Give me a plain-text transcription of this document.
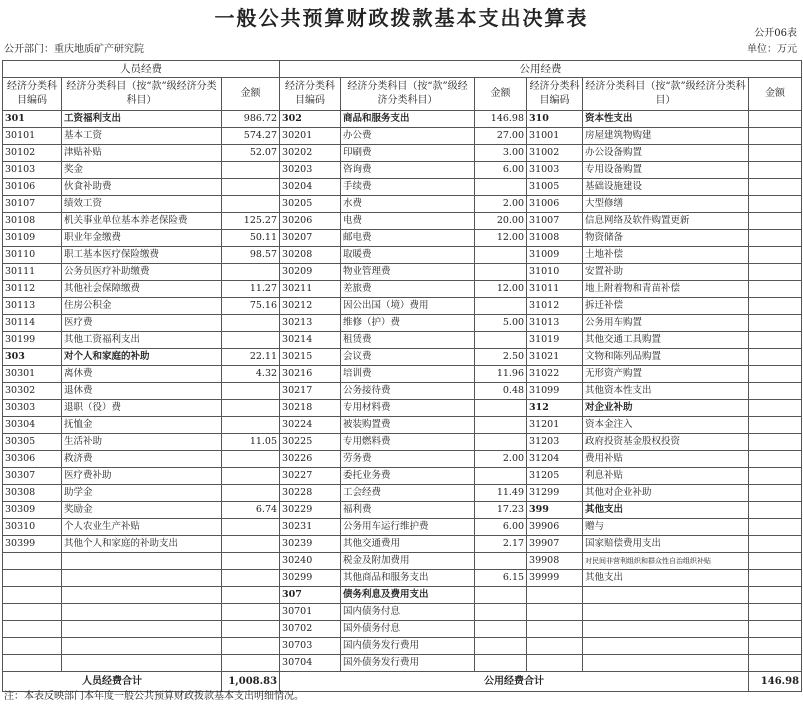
一般公共预算财政拨款基本支出决算表
公开06表
公开部门：重庆地质矿产研究院	单位：万元
人员经费			公用经费					
经济分类科目编码	经济分类科目（按“款”级经济分类科目）	金额	经济分类科目编码	经济分类科目（按“款”级经济分类科目）	金额	经济分类科目编码	经济分类科目（按“款”级经济分类科目）	金额
301	工资福利支出	986.72	302	商品和服务支出	146.98	310	资本性支出	
30101	基本工资	574.27	30201	办公费	27.00	31001	房屋建筑物购建	
30102	津贴补贴	52.07	30202	印刷费	3.00	31002	办公设备购置	
30103	奖金		30203	咨询费	6.00	31003	专用设备购置	
30106	伙食补助费		30204	手续费		31005	基础设施建设	
30107	绩效工资		30205	水费	2.00	31006	大型修缮	
30108	机关事业单位基本养老保险费	125.27	30206	电费	20.00	31007	信息网络及软件购置更新	
30109	职业年金缴费	50.11	30207	邮电费	12.00	31008	物资储备	
30110	职工基本医疗保险缴费	98.57	30208	取暖费		31009	土地补偿	
30111	公务员医疗补助缴费		30209	物业管理费		31010	安置补助	
30112	其他社会保障缴费	11.27	30211	差旅费	12.00	31011	地上附着物和青苗补偿	
30113	住房公积金	75.16	30212	因公出国（境）费用		31012	拆迁补偿	
30114	医疗费		30213	维修（护）费	5.00	31013	公务用车购置	
30199	其他工资福利支出		30214	租赁费		31019	其他交通工具购置	
303	对个人和家庭的补助	22.11	30215	会议费	2.50	31021	文物和陈列品购置	
30301	离休费	4.32	30216	培训费	11.96	31022	无形资产购置	
30302	退休费		30217	公务接待费	0.48	31099	其他资本性支出	
30303	退职（役）费		30218	专用材料费		312	对企业补助	
30304	抚恤金		30224	被装购置费		31201	资本金注入	
30305	生活补助	11.05	30225	专用燃料费		31203	政府投资基金股权投资	
30306	救济费		30226	劳务费	2.00	31204	费用补贴	
30307	医疗费补助		30227	委托业务费		31205	利息补贴	
30308	助学金		30228	工会经费	11.49	31299	其他对企业补助	
30309	奖励金	6.74	30229	福利费	17.23	399	其他支出	
30310	个人农业生产补贴		30231	公务用车运行维护费	6.00	39906	赠与	
30399	其他个人和家庭的补助支出		30239	其他交通费用	2.17	39907	国家赔偿费用支出	
			30240	税金及附加费用		39908	对民间非营利组织和群众性自治组织补贴	
			30299	其他商品和服务支出	6.15	39999	其他支出	
			307	债务利息及费用支出				
			30701	国内债务付息				
			30702	国外债务付息				
			30703	国内债务发行费用				
			30704	国外债务发行费用				
人员经费合计		1,008.83	公用经费合计					146.98
注：本表反映部门本年度一般公共预算财政拨款基本支出明细情况。
